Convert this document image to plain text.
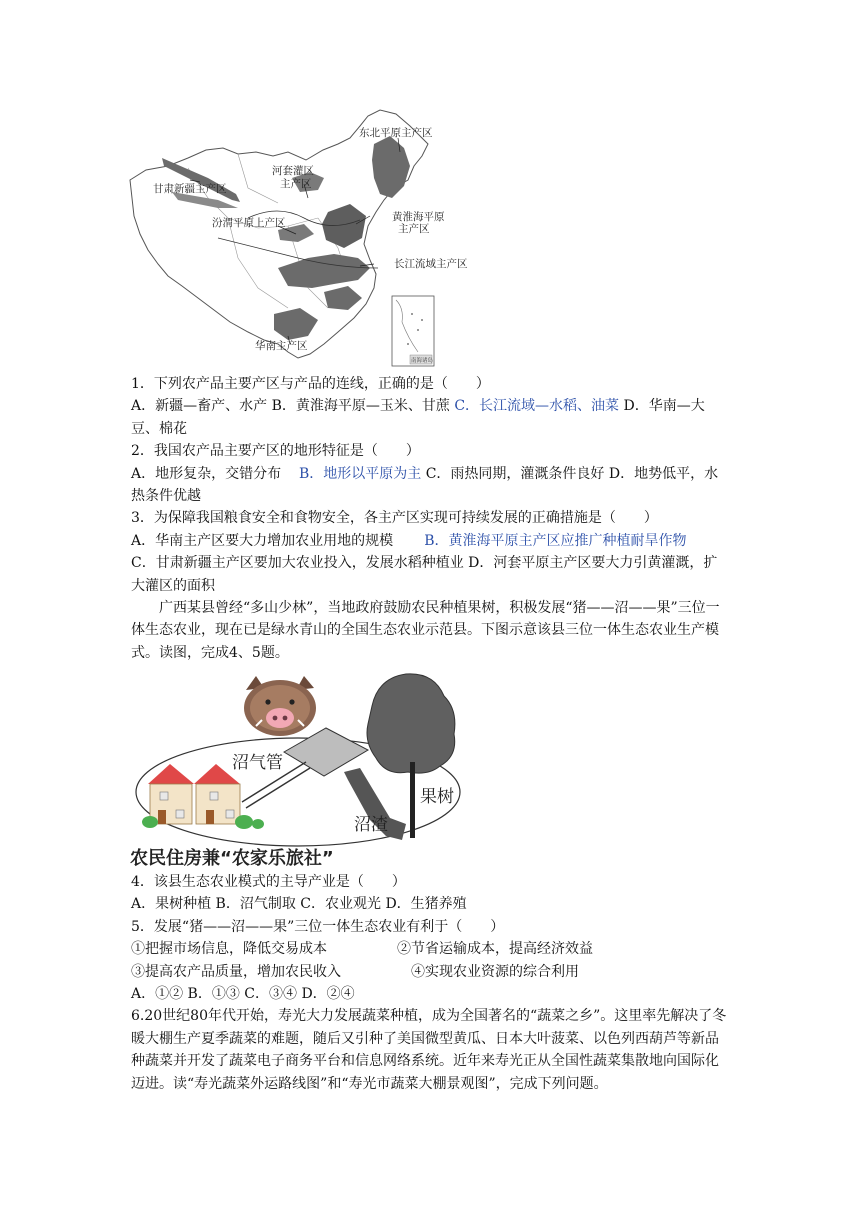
东北平原主产区
河套灌区
主产区
甘肃新疆主产区
汾渭平原上产区	黄淮海平原
主产区
长江流域主产区
华南主产区
南海诸岛

1．下列农产品主要产区与产品的连线，正确的是（　　）

A．新疆—畜产、水产 B．黄淮海平原—玉米、甘蔗 C．长江流域—水稻、油菜 D．华南—大豆、棉花

2．我国农产品主要产区的地形特征是（　　）

A．地形复杂，交错分布 B．地形以平原为主 C．雨热同期，灌溉条件良好 D．地势低平，水热条件优越

3．为保障我国粮食安全和食物安全，各主产区实现可持续发展的正确措施是（　　）

A．华南主产区要大力增加农业用地的规模 B．黄淮海平原主产区应推广种植耐旱作物

C．甘肃新疆主产区要加大农业投入，发展水稻种植业 D．河套平原主产区要大力引黄灌溉，扩大灌区的面积

广西某县曾经“多山少林”，当地政府鼓励农民种植果树，积极发展“猪——沼——果”三位一体生态农业，现在已是绿水青山的全国生态农业示范县。下图示意该县三位一体生态农业生产模式。读图，完成4、5题。

沼气管
果树
沼渣
农民住房兼“农家乐旅社”

4．该县生态农业模式的主导产业是（　　）

A．果树种植 B．沼气制取 C．农业观光 D．生猪养殖

5．发展“猪——沼——果”三位一体生态农业有利于（　　）

①把握市场信息，降低交易成本	②节省运输成本，提高经济效益

③提高农产品质量，增加农民收入	④实现农业资源的综合利用

A．①② B．①③ C．③④ D．②④

6.20世纪80年代开始，寿光大力发展蔬菜种植，成为全国著名的“蔬菜之乡”。这里率先解决了冬暖大棚生产夏季蔬菜的难题，随后又引种了美国微型黄瓜、日本大叶菠菜、以色列西葫芦等新品种蔬菜并开发了蔬菜电子商务平台和信息网络系统。近年来寿光正从全国性蔬菜集散地向国际化迈进。读“寿光蔬菜外运路线图”和“寿光市蔬菜大棚景观图”，完成下列问题。
